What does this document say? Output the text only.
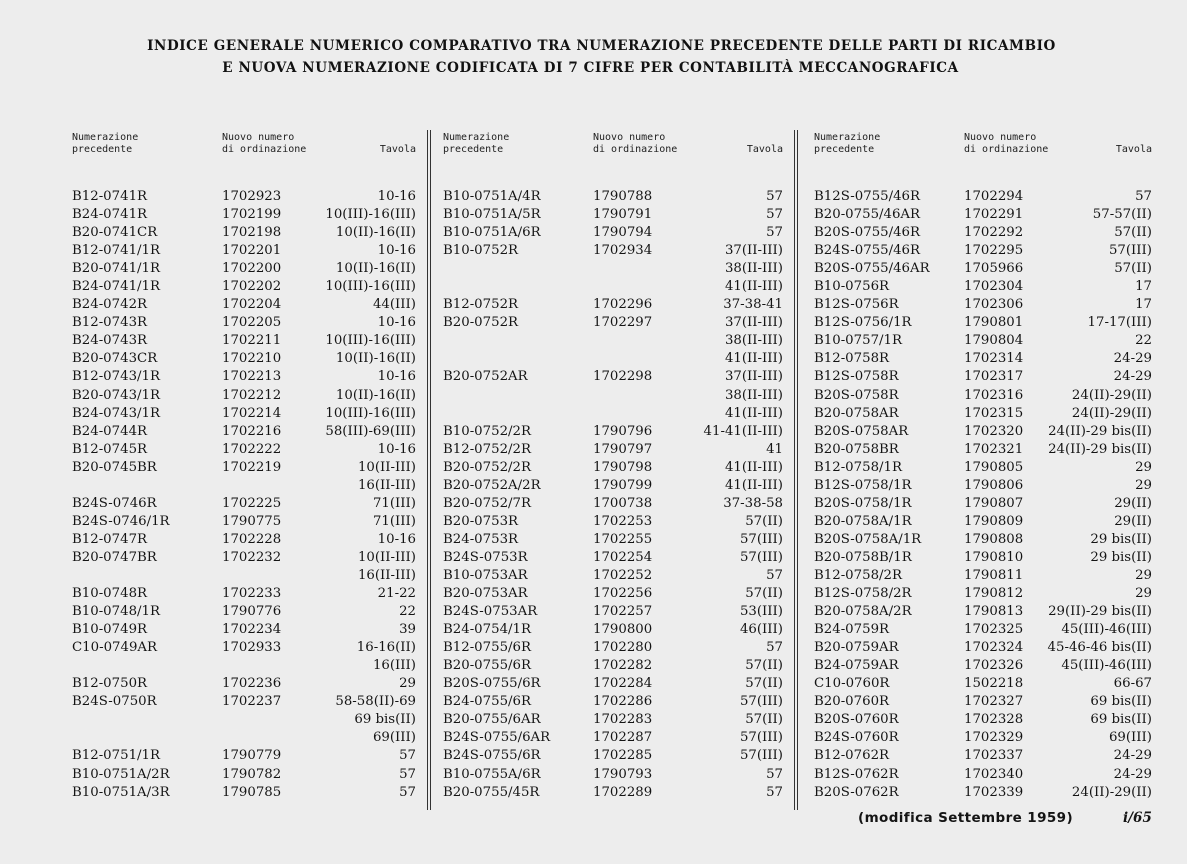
INDICE GENERALE NUMERICO COMPARATIVO TRA NUMERAZIONE PRECEDENTE DELLE PARTI DI RICAMBIO
E NUOVA NUMERAZIONE CODIFICATA DI 7 CIFRE PER CONTABILITÀ MECCANOGRAFICA
Numerazione
precedente
Nuovo numero
di ordinazione	Tavola
B12-0741R	1702923	10-16
B24-0741R	1702199	10(III)-16(III)
B20-0741CR	1702198	10(II)-16(II)
B12-0741/1R	1702201	10-16
B20-0741/1R	1702200	10(II)-16(II)
B24-0741/1R	1702202	10(III)-16(III)
B24-0742R	1702204	44(III)
B12-0743R	1702205	10-16
B24-0743R	1702211	10(III)-16(III)
B20-0743CR	1702210	10(II)-16(II)
B12-0743/1R	1702213	10-16
B20-0743/1R	1702212	10(II)-16(II)
B24-0743/1R	1702214	10(III)-16(III)
B24-0744R	1702216	58(III)-69(III)
B12-0745R	1702222	10-16
B20-0745BR	1702219	10(II-III)
16(II-III)
B24S-0746R	1702225	71(III)
B24S-0746/1R	1790775	71(III)
B12-0747R	1702228	10-16
B20-0747BR	1702232	10(II-III)
16(II-III)
B10-0748R	1702233	21-22
B10-0748/1R	1790776	22
B10-0749R	1702234	39
C10-0749AR	1702933	16-16(II)
16(III)
B12-0750R	1702236	29
B24S-0750R	1702237	58-58(II)-69
69 bis(II)
69(III)
B12-0751/1R	1790779	57
B10-0751A/2R	1790782	57
B10-0751A/3R	1790785	57
Numerazione
precedente
Nuovo numero
di ordinazione	Tavola
B10-0751A/4R	1790788	57
B10-0751A/5R	1790791	57
B10-0751A/6R	1790794	57
B10-0752R	1702934	37(II-III)
38(II-III)
41(II-III)
B12-0752R	1702296	37-38-41
B20-0752R	1702297	37(II-III)
38(II-III)
41(II-III)
B20-0752AR	1702298	37(II-III)
38(II-III)
41(II-III)
B10-0752/2R	1790796	41-41(II-III)
B12-0752/2R	1790797	41
B20-0752/2R	1790798	41(II-III)
B20-0752A/2R	1790799	41(II-III)
B20-0752/7R	1700738	37-38-58
B20-0753R	1702253	57(II)
B24-0753R	1702255	57(III)
B24S-0753R	1702254	57(III)
B10-0753AR	1702252	57
B20-0753AR	1702256	57(II)
B24S-0753AR	1702257	53(III)
B24-0754/1R	1790800	46(III)
B12-0755/6R	1702280	57
B20-0755/6R	1702282	57(II)
B20S-0755/6R	1702284	57(II)
B24-0755/6R	1702286	57(III)
B20-0755/6AR	1702283	57(II)
B24S-0755/6AR	1702287	57(III)
B24S-0755/6R	1702285	57(III)
B10-0755A/6R	1790793	57
B20-0755/45R	1702289	57
Numerazione
precedente
Nuovo numero
di ordinazione	Tavola
B12S-0755/46R	1702294	57
B20-0755/46AR	1702291	57-57(II)
B20S-0755/46R	1702292	57(II)
B24S-0755/46R	1702295	57(III)
B20S-0755/46AR	1705966	57(II)
B10-0756R	1702304	17
B12S-0756R	1702306	17
B12S-0756/1R	1790801	17-17(III)
B10-0757/1R	1790804	22
B12-0758R	1702314	24-29
B12S-0758R	1702317	24-29
B20S-0758R	1702316	24(II)-29(II)
B20-0758AR	1702315	24(II)-29(II)
B20S-0758AR	1702320 24(II)-29 bis(II)
B20-0758BR	1702321 24(II)-29 bis(II)
B12-0758/1R	1790805	29
B12S-0758/1R	1790806	29
B20S-0758/1R	1790807	29(II)
B20-0758A/1R	1790809	29(II)
B20S-0758A/1R	1790808	29 bis(II)
B20-0758B/1R	1790810	29 bis(II)
B12-0758/2R	1790811	29
B12S-0758/2R	1790812	29
B20-0758A/2R	1790813 29(II)-29 bis(II)
B24-0759R	1702325	45(III)-46(III)
B20-0759AR	1702324 45-46-46 bis(II)
B24-0759AR	1702326	45(III)-46(III)
C10-0760R	1502218	66-67
B20-0760R	1702327	69 bis(II)
B20S-0760R	1702328	69 bis(II)
B24S-0760R	1702329	69(III)
B12-0762R	1702337	24-29
B12S-0762R	1702340	24-29
B20S-0762R	1702339	24(II)-29(II)
(modifica Settembre 1959)	i/65
